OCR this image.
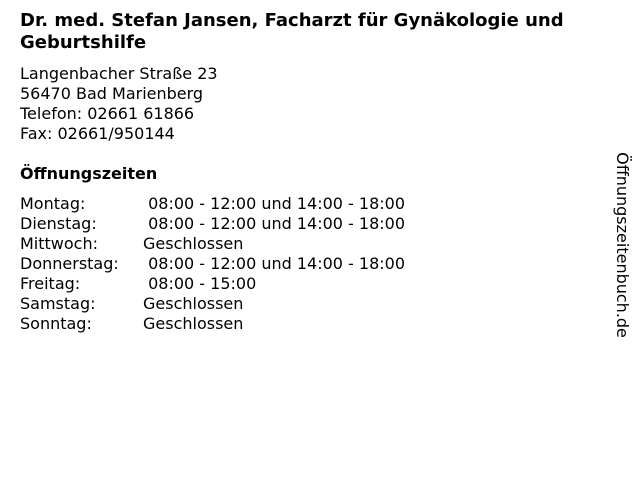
Dr. med. Stefan Jansen, Facharzt für Gynäkologie und
Geburtshilfe
Langenbacher Straße 23
56470 Bad Marienberg
Telefon: 02661 61866
Fax: 02661/950144
Öffnungszeiten
Montag:	08:00 - 12:00 und 14:00 - 18:00
Dienstag:	08:00 - 12:00 und 14:00 - 18:00
Mittwoch:	Geschlossen
Donnerstag: 08:00 - 12:00 und 14:00 - 18:00
Freitag:	08:00 - 15:00
Samstag:	Geschlossen
Sonntag:	Geschlossen	Öffnungszeitenbuch.de
